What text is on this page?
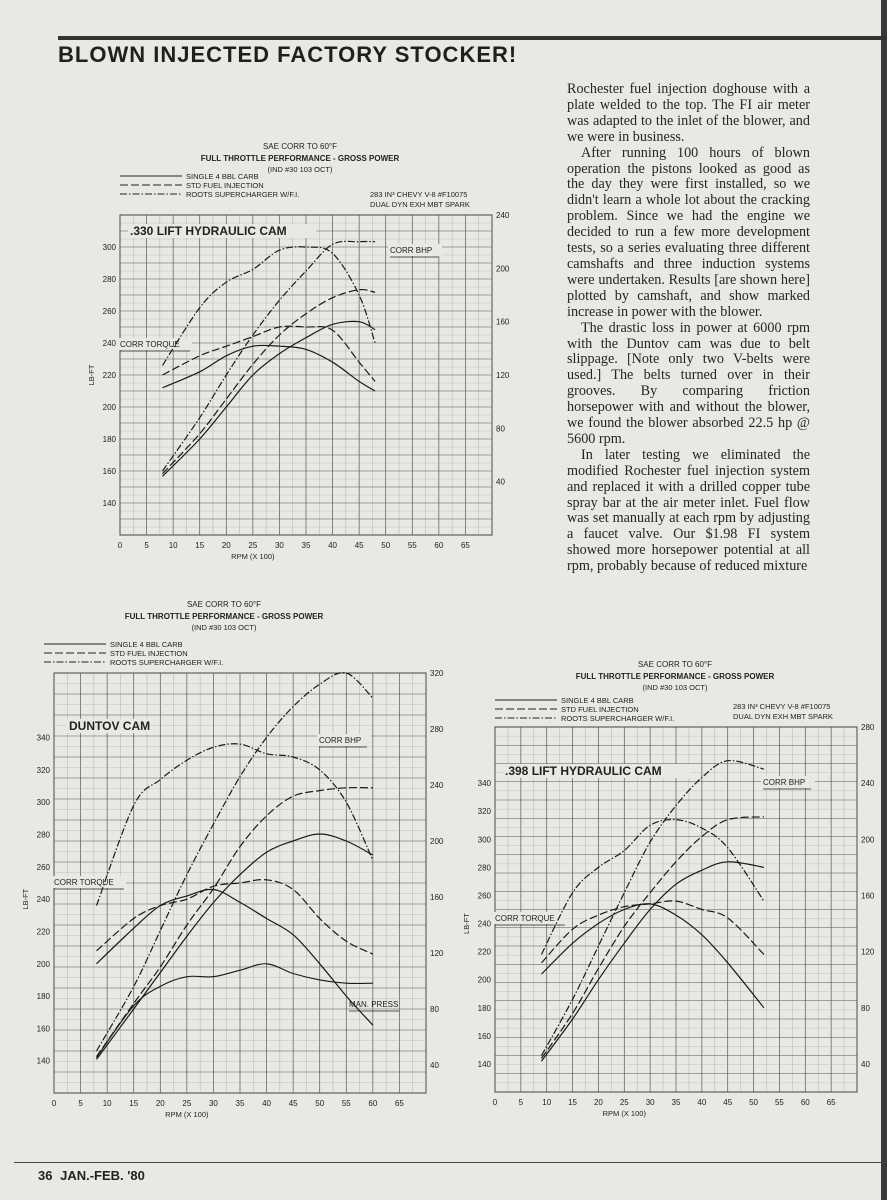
BLOWN INJECTED FACTORY STOCKER!

Rochester fuel injection doghouse with a plate welded to the top. The FI air meter was adapted to the inlet of the blower, and we were in business.

After running 100 hours of blown operation the pistons looked as good as the day they were first installed, so we didn't learn a whole lot about the cracking problem. Since we had the engine we decided to run a few more development tests, so a series evaluating three different camshafts and three induction systems were undertaken. Results [are shown here] plotted by camshaft, and show marked increase in power with the blower.

The drastic loss in power at 6000 rpm with the Duntov cam was due to belt slippage. [Note only two V-belts were used.] The belts turned over in their grooves. By comparing friction horsepower with and without the blower, we found the blower absorbed 22.5 hp @ 5600 rpm.

In later testing we eliminated the modified Rochester fuel injection system and replaced it with a drilled copper tube spray bar at the air meter inlet. Fuel flow was set manually at each rpm by adjusting a faucet valve. Our $1.98 FI system showed more horsepower potential at all rpm, probably because of reduced mixture

SAE CORR TO 60°F
FULL THROTTLE PERFORMANCE - GROSS POWER
(IND #30 103 OCT)
SINGLE 4 BBL CARB
STD FUEL INJECTION
ROOTS SUPERCHARGER W/F.I.	283 IN³ CHEVY V-8 #F10075
DUAL DYN EXH MBT SPARK
0	5 10 15 20 25 30 35 40 45 50 55 60 65
RPM (X 100)
140
160
180
200
220
240
260
280
300
LB-FT
40
80
120
160
200
240
.330 LIFT HYDRAULIC CAM
CORR TORQUE
CORR BHP
SAE CORR TO 60°F
FULL THROTTLE PERFORMANCE - GROSS POWER
(IND #30 103 OCT)
SINGLE 4 BBL CARB
STD FUEL INJECTION
ROOTS SUPERCHARGER W/F.I.
0	5 10 15 20 25 30 35 40 45 50 55 60 65
RPM (X 100)
140
160
180
200
220
240
260
280
300
320
340
LB-FT
40
80
120
160
200
240
280
320
DUNTOV CAM
CORR TORQUE
CORR BHP
MAN. PRESS
SAE CORR TO 60°F
FULL THROTTLE PERFORMANCE - GROSS POWER
(IND #30 103 OCT)
SINGLE 4 BBL CARB
STD FUEL INJECTION
ROOTS SUPERCHARGER W/F.I.
283 IN³ CHEVY V-8 #F10075
DUAL DYN EXH MBT SPARK
0	5 10 15 20 25 30 35 40 45 50 55 60 65
RPM (X 100)
140
160
180
200
220
240
260
280
300
320
340
LB-FT
40
80
120
160
200
240
280
.398 LIFT HYDRAULIC CAM
CORR TORQUE
CORR BHP
36 JAN.-FEB. '80
